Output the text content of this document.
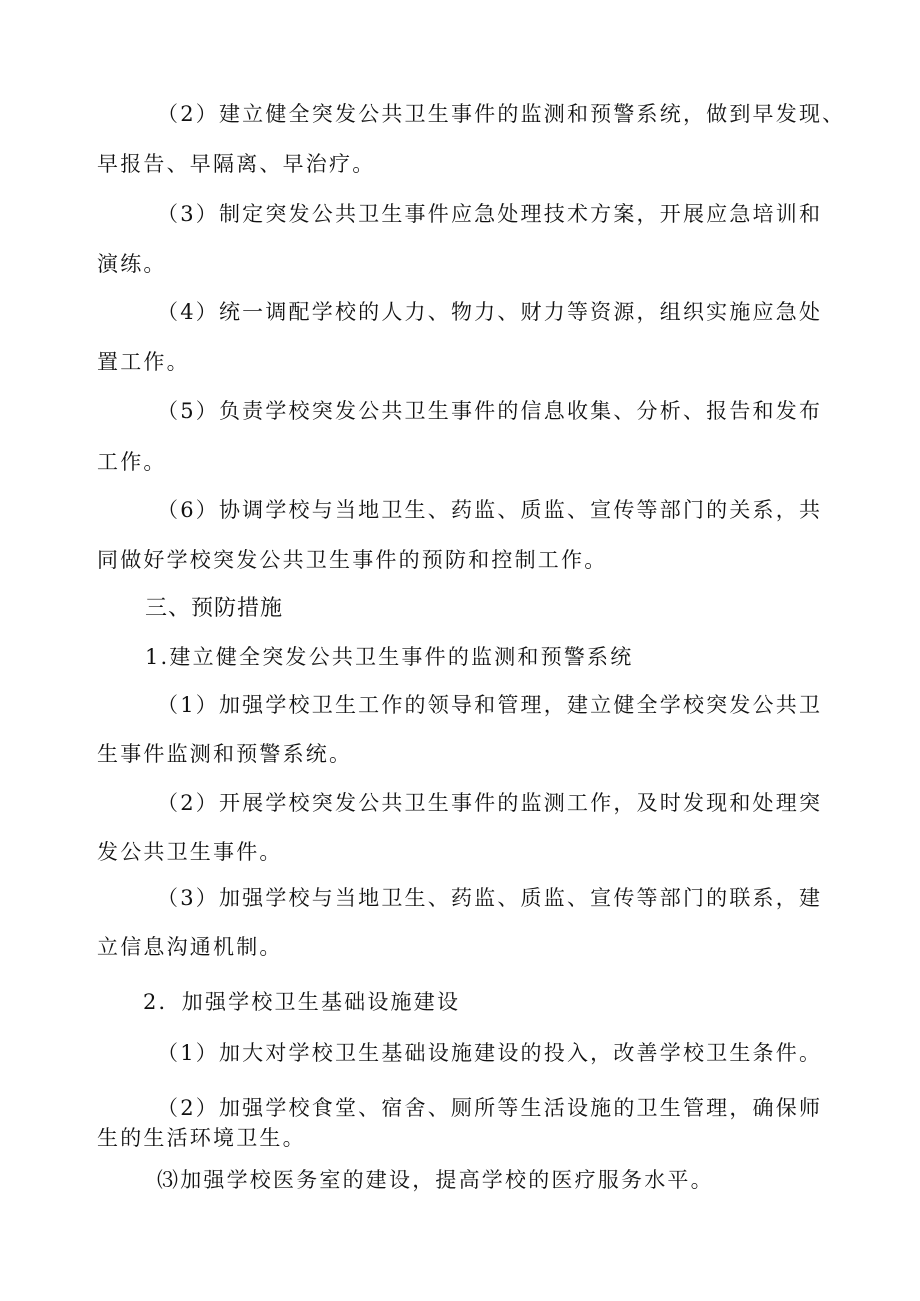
（2）建立健全突发公共卫生事件的监测和预警系统，做到早发现、
早报告、早隔离、早治疗。
（3）制定突发公共卫生事件应急处理技术方案，开展应急培训和
演练。
（4）统一调配学校的人力、物力、财力等资源，组织实施应急处
置工作。
（5）负责学校突发公共卫生事件的信息收集、分析、报告和发布
工作。
（6）协调学校与当地卫生、药监、质监、宣传等部门的关系，共
同做好学校突发公共卫生事件的预防和控制工作。
三、预防措施
1.建立健全突发公共卫生事件的监测和预警系统
（1）加强学校卫生工作的领导和管理，建立健全学校突发公共卫
生事件监测和预警系统。
（2）开展学校突发公共卫生事件的监测工作，及时发现和处理突
发公共卫生事件。
（3）加强学校与当地卫生、药监、质监、宣传等部门的联系，建
立信息沟通机制。
2．加强学校卫生基础设施建设
（1）加大对学校卫生基础设施建设的投入，改善学校卫生条件。
（2）加强学校食堂、宿舍、厕所等生活设施的卫生管理，确保师
生的生活环境卫生。
⑶加强学校医务室的建设，提高学校的医疗服务水平。
